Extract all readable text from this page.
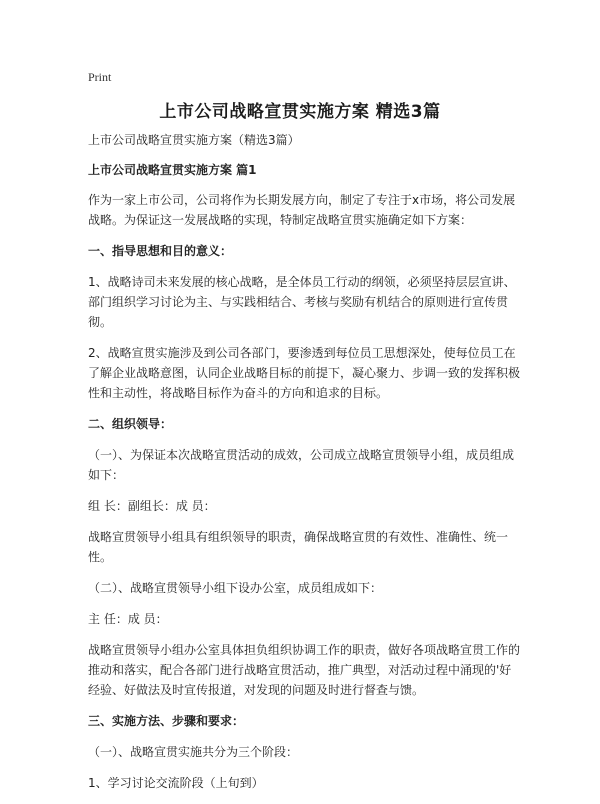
Print
上市公司战略宣贯实施方案 精选3篇

上市公司战略宣贯实施方案（精选3篇）

上市公司战略宣贯实施方案 篇1

作为一家上市公司，公司将作为长期发展方向，制定了专注于x市场，将公司发展战略。为保证这一发展战略的实现，特制定战略宣贯实施确定如下方案：

一、指导思想和目的意义：

1、战略诗司未来发展的核心战略，是全体员工行动的纲领，必须坚持层层宣讲、部门组织学习讨论为主、与实践相结合、考核与奖励有机结合的原则进行宣传贯彻。

2、战略宣贯实施涉及到公司各部门，要渗透到每位员工思想深处，使每位员工在了解企业战略意图，认同企业战略目标的前提下，凝心聚力、步调一致的发挥积极性和主动性，将战略目标作为奋斗的方向和追求的目标。

二、组织领导：

（一）、为保证本次战略宣贯活动的成效，公司成立战略宣贯领导小组，成员组成如下：

组 长：副组长：成 员：

战略宣贯领导小组具有组织领导的职责，确保战略宣贯的有效性、准确性、统一性。

（二）、战略宣贯领导小组下设办公室，成员组成如下：

主 任：成 员：

战略宣贯领导小组办公室具体担负组织协调工作的职责，做好各项战略宣贯工作的推动和落实，配合各部门进行战略宣贯活动，推广典型，对活动过程中涌现的'好经验、好做法及时宣传报道，对发现的问题及时进行督查与馈。

三、实施方法、步骤和要求：

（一）、战略宣贯实施共分为三个阶段：

1、学习讨论交流阶段（上旬到）
